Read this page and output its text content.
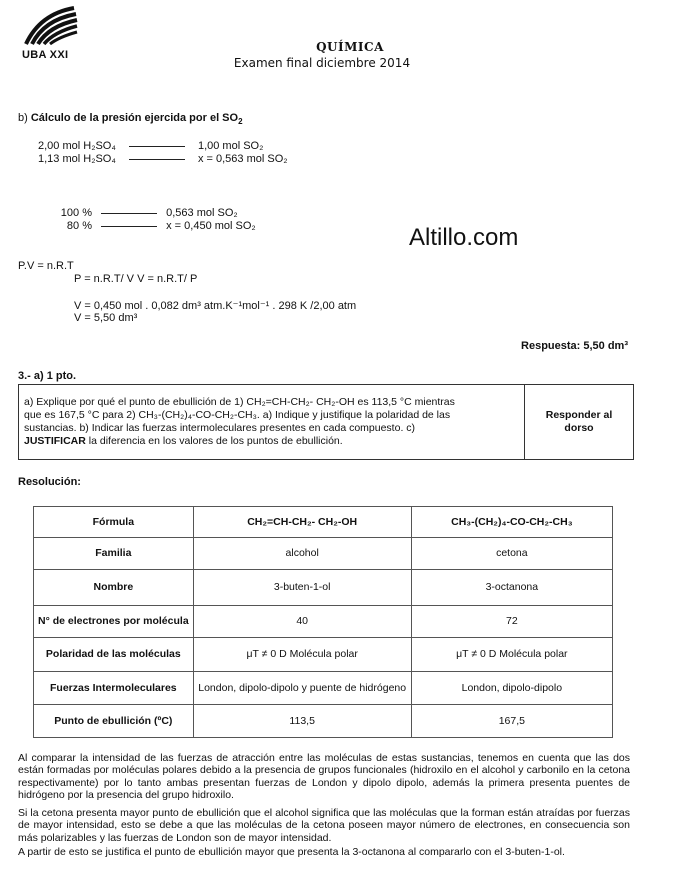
UBA XXI
QUÍMICA
Examen final diciembre 2014
b) Cálculo de la presión ejercida por el $SO_2$
2,00 mol H₂SO₄	1,00 mol SO₂
1,13 mol H₂SO₄	x = 0,563 mol SO₂
100 %	0,563 mol SO₂
80 %	x = 0,450 mol SO₂	Altillo.com
P.V = n.R.T
P = n.R.T/ V V = n.R.T/ P
V = 0,450 mol . 0,082 dm³ atm.K⁻¹mol⁻¹ . 298 K /2,00 atm
V = 5,50 dm³
Respuesta: 5,50 dm³
3.- a) 1 pto.
a) Explique por qué el punto de ebullición de 1) CH₂=CH-CH₂- CH₂-OH es 113,5 °C mientras
que es 167,5 °C para 2) CH₃-(CH₂)₄-CO-CH₂-CH₃. a) Indique y justifique la polaridad de las
sustancias. b) Indicar las fuerzas intermoleculares presentes en cada compuesto. c)
JUSTIFICAR la diferencia en los valores de los puntos de ebullición.
	Responder al dorso
Resolución:
Fórmula	CH₂=CH-CH₂- CH₂-OH	CH₃-(CH₂)₄-CO-CH₂-CH₃
Familia	alcohol	cetona
Nombre	3-buten-1-ol	3-octanona
N° de electrones por molécula	40	72
Polaridad de las moléculas	μT ≠ 0 D Molécula polar	μT ≠ 0 D Molécula polar
Fuerzas Intermoleculares	London, dipolo-dipolo y puente de hidrógeno	London, dipolo-dipolo
Punto de ebullición (ºC)	113,5	167,5
Al comparar la intensidad de las fuerzas de atracción entre las moléculas de estas sustancias, tenemos en cuenta que las dos están formadas por moléculas polares debido a la presencia de grupos funcionales (hidroxilo en el alcohol y carbonilo en la cetona respectivamente) por lo tanto ambas presentan fuerzas de London y dipolo dipolo, además la primera presenta puentes de hidrógeno por la presencia del grupo hidroxilo.
Si la cetona presenta mayor punto de ebullición que el alcohol significa que las moléculas que la forman están atraídas por fuerzas de mayor intensidad, esto se debe a que las moléculas de la cetona poseen mayor número de electrones, en consecuencia son más polarizables y las fuerzas de London son de mayor intensidad.
A partir de esto se justifica el punto de ebullición mayor que presenta la 3-octanona al compararlo con el 3-buten-1-ol.
